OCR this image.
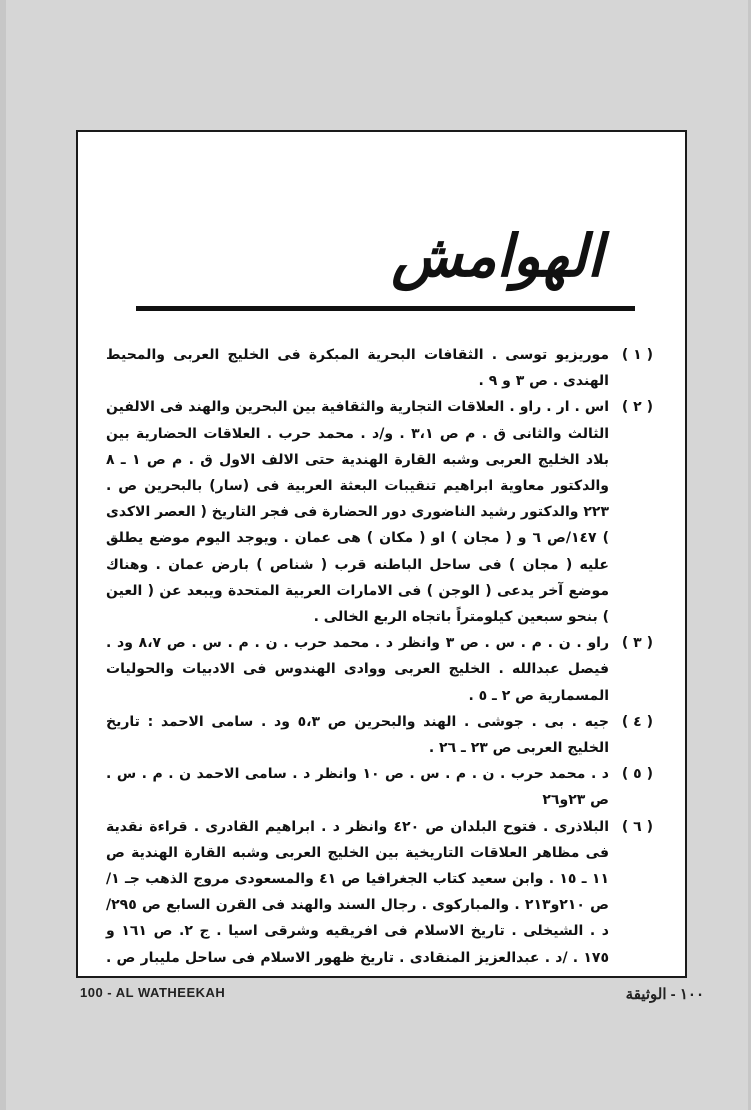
الهوامش

( ١ )
موريزيو توسى . الثقافات البحرية المبكرة فى الخليج العربى والمحيط الهندى . ص ٣ و ٩ .

( ٢ )
اس . ار . راو . العلاقات التجارية والثقافية بين البحرين والهند فى الالفين الثالث والثانى ق . م ص ٣،١ . و/د . محمد حرب . العلاقات الحضارية بين بلاد الخليج العربى وشبه القارة الهندية حتى الالف الاول ق . م ص ١ ـ ٨ والدكتور معاوية ابراهيم تنقيبات البعثة العربية فى (سار) بالبحرين ص . ٢٢٣ والدكتور رشيد الناضورى دور الحضارة فى فجر التاريخ ( العصر الاكدى ) ١٤٧/ص ٦ و ( مجان ) او ( مكان ) هى عمان . ويوجد اليوم موضع يطلق عليه ( مجان ) فى ساحل الباطنه قرب ( شناص ) بارض عمان . وهناك موضع آخر يدعى ( الوجن ) فى الامارات العربية المتحدة ويبعد عن ( العين ) بنحو سبعين كيلومتراً باتجاه الربع الخالى .

( ٣ )
راو . ن . م . س . ص ٣ وانظر د . محمد حرب . ن . م . س . ص ٨،٧ ود . فيصل عبدالله . الخليج العربى ووادى الهندوس فى الادبيات والحوليات المسمارية ص ٢ ـ ٥ .

( ٤ )
جيه . بى . جوشى . الهند والبحرين ص ٥،٣ ود . سامى الاحمد : تاريخ الخليج العربى ص ٢٣ ـ ٢٦ .

( ٥ )
د . محمد حرب . ن . م . س . ص ١٠ وانظر د . سامى الاحمد ن . م . س . ص ٢٣و٢٦

( ٦ )
البلاذرى . فتوح البلدان ص ٤٢٠ وانظر د . ابراهيم القادرى . قراءة نقدية فى مظاهر العلاقات التاريخية بين الخليج العربى وشبه القارة الهندية ص ١١ ـ ١٥ . وابن سعيد كتاب الجغرافيا ص ٤١ والمسعودى مروج الذهب جـ ١/ص ٢١٠و٢١٣ . والمباركوى . رجال السند والهند فى القرن السابع ص ٢٩٥/ د . الشيخلى . تاريخ الاسلام فى افريقيه وشرقى اسيا . ج ٢. ص ١٦١ و ١٧٥ . /د . عبدالعزيز المنقادى . تاريخ ظهور الاسلام فى ساحل مليبار ص .

100 - AL WATHEEKAH	١٠٠ - الوثيقة
